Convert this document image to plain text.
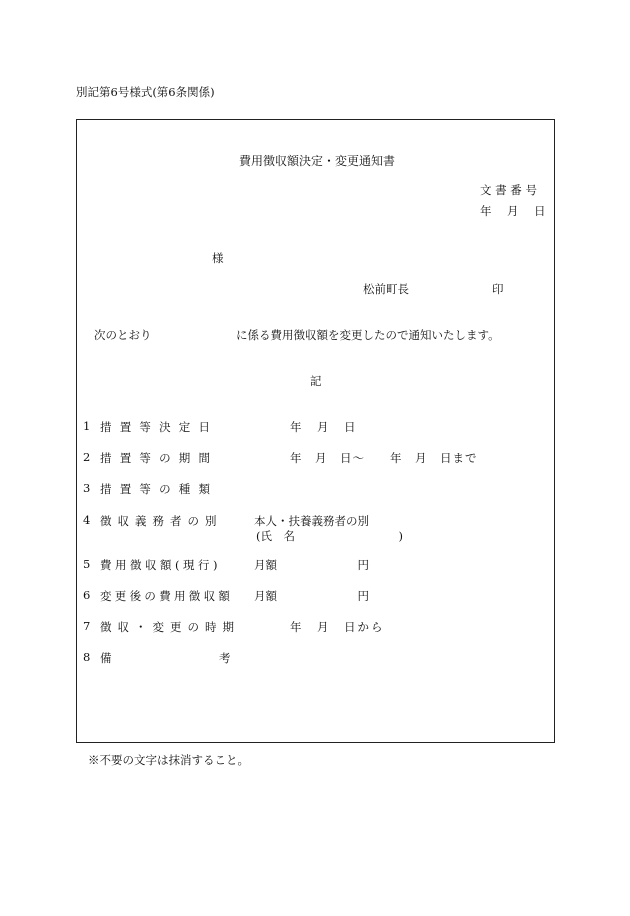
別記第6号様式(第6条関係)
費用徴収額決定・変更通知書
文 書 番 号
年　月　日
様
松前町長	印
次のとおり	に係る費用徴収額を変更したので通知いたします。
記
1 措置等決定日	年　月　日
2 措置等の期間	年　月　日〜　　年　月　日まで
3 措置等の種類
4 徴収義務者の別	本人・扶養義務者の別
(氏　名　　　　　　　　　)
5 費用徴収額(現行)	月額　　　　　　　円
6 変更後の費用徴収額 月額　　　　　　　円
7 徴収・変更の時期	年　月　日から
8 備	考
※不要の文字は抹消すること。
